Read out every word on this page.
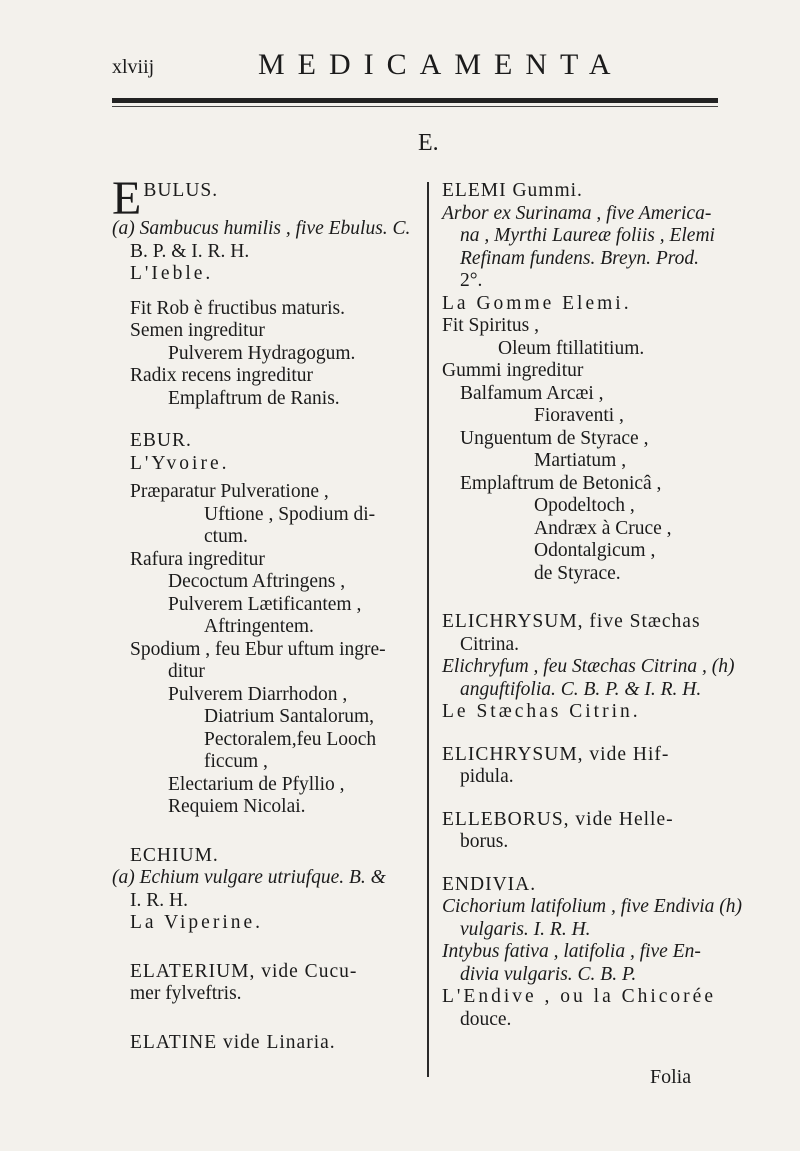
xlviij	MEDICAMENTA
E.
EBULUS.
(a) Sambucus humilis , five Ebulus. C.
B. P. & I. R. H.
L'Ieble.
Fit Rob è fructibus maturis.
Semen ingreditur
Pulverem Hydragogum.
Radix recens ingreditur
Emplaftrum de Ranis.
EBUR.
L'Yvoire.
Præparatur Pulveratione ,
Uftione , Spodium di-
ctum.
Rafura ingreditur
Decoctum Aftringens ,
Pulverem Lætificantem ,
Aftringentem.
Spodium , feu Ebur uftum ingre-
ditur
Pulverem Diarrhodon ,
Diatrium Santalorum,
Pectoralem,feu Looch
ficcum ,
Electarium de Pfyllio ,
Requiem Nicolai.
ECHIUM.
(a) Echium vulgare utriufque. B. &
I. R. H.
La Viperine.
ELATERIUM, vide Cucu-
mer fylveftris.
ELATINE vide Linaria.
ELEMI Gummi.
Arbor ex Surinama , five America-
na , Myrthi Laureæ foliis , Elemi
Refinam fundens. Breyn. Prod.
2°.
La Gomme Elemi.
Fit Spiritus ,
Oleum ftillatitium.
Gummi ingreditur
Balfamum Arcæi ,
Fioraventi ,
Unguentum de Styrace ,
Martiatum ,
Emplaftrum de Betonicâ ,
Opodeltoch ,
Andræx à Cruce ,
Odontalgicum ,
de Styrace.
ELICHRYSUM, five Stæchas
Citrina.
Elichryfum , feu Stæchas Citrina , (h)
anguftifolia. C. B. P. & I. R. H.
Le Stæchas Citrin.
ELICHRYSUM, vide Hif-
pidula.
ELLEBORUS, vide Helle-
borus.
ENDIVIA.
Cichorium latifolium , five Endivia (h)
vulgaris. I. R. H.
Intybus fativa , latifolia , five En-
divia vulgaris. C. B. P.
L'Endive , ou la Chicorée
douce.
Folia
